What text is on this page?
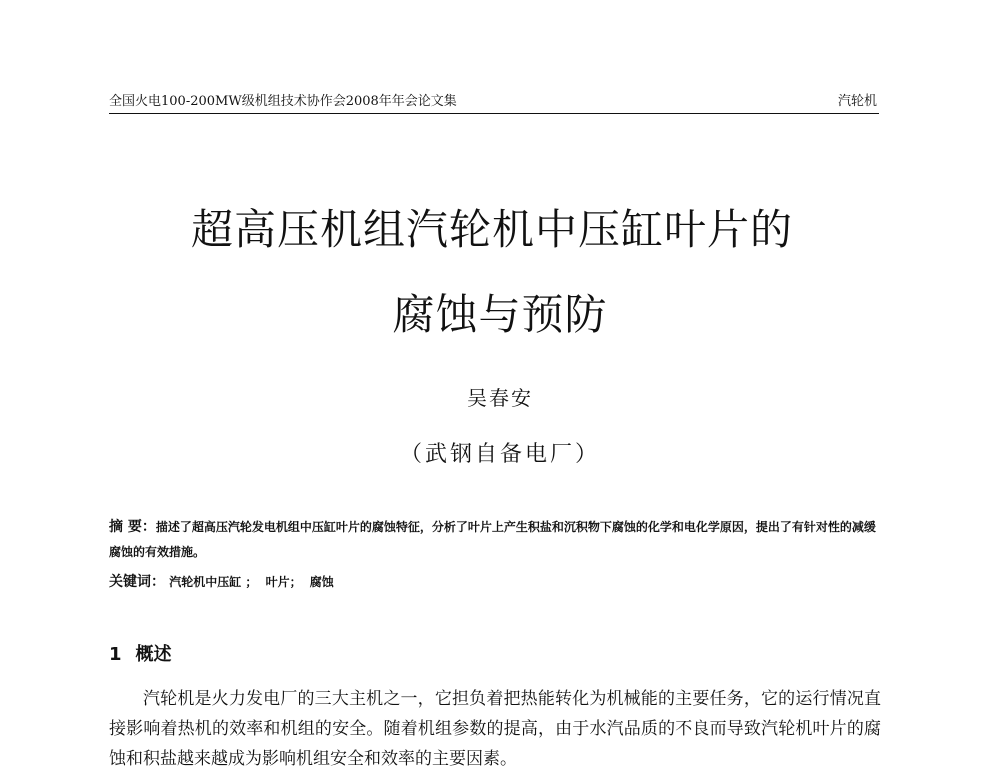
全国火电100-200MW级机组技术协作会2008年年会论文集	汽轮机
超高压机组汽轮机中压缸叶片的
腐蚀与预防
吴春安
（武钢自备电厂）
摘 要：描述了超高压汽轮发电机组中压缸叶片的腐蚀特征，分析了叶片上产生积盐和沉积物下腐蚀的化学和电化学原因，提出了有针对性的减缓腐蚀的有效措施。
关键词： 汽轮机中压缸 ； 叶片； 腐蚀
1 概述
汽轮机是火力发电厂的三大主机之一，它担负着把热能转化为机械能的主要任务，它的运行情况直接影响着热机的效率和机组的安全。随着机组参数的提高，由于水汽品质的不良而导致汽轮机叶片的腐蚀和积盐越来越成为影响机组安全和效率的主要因素。
